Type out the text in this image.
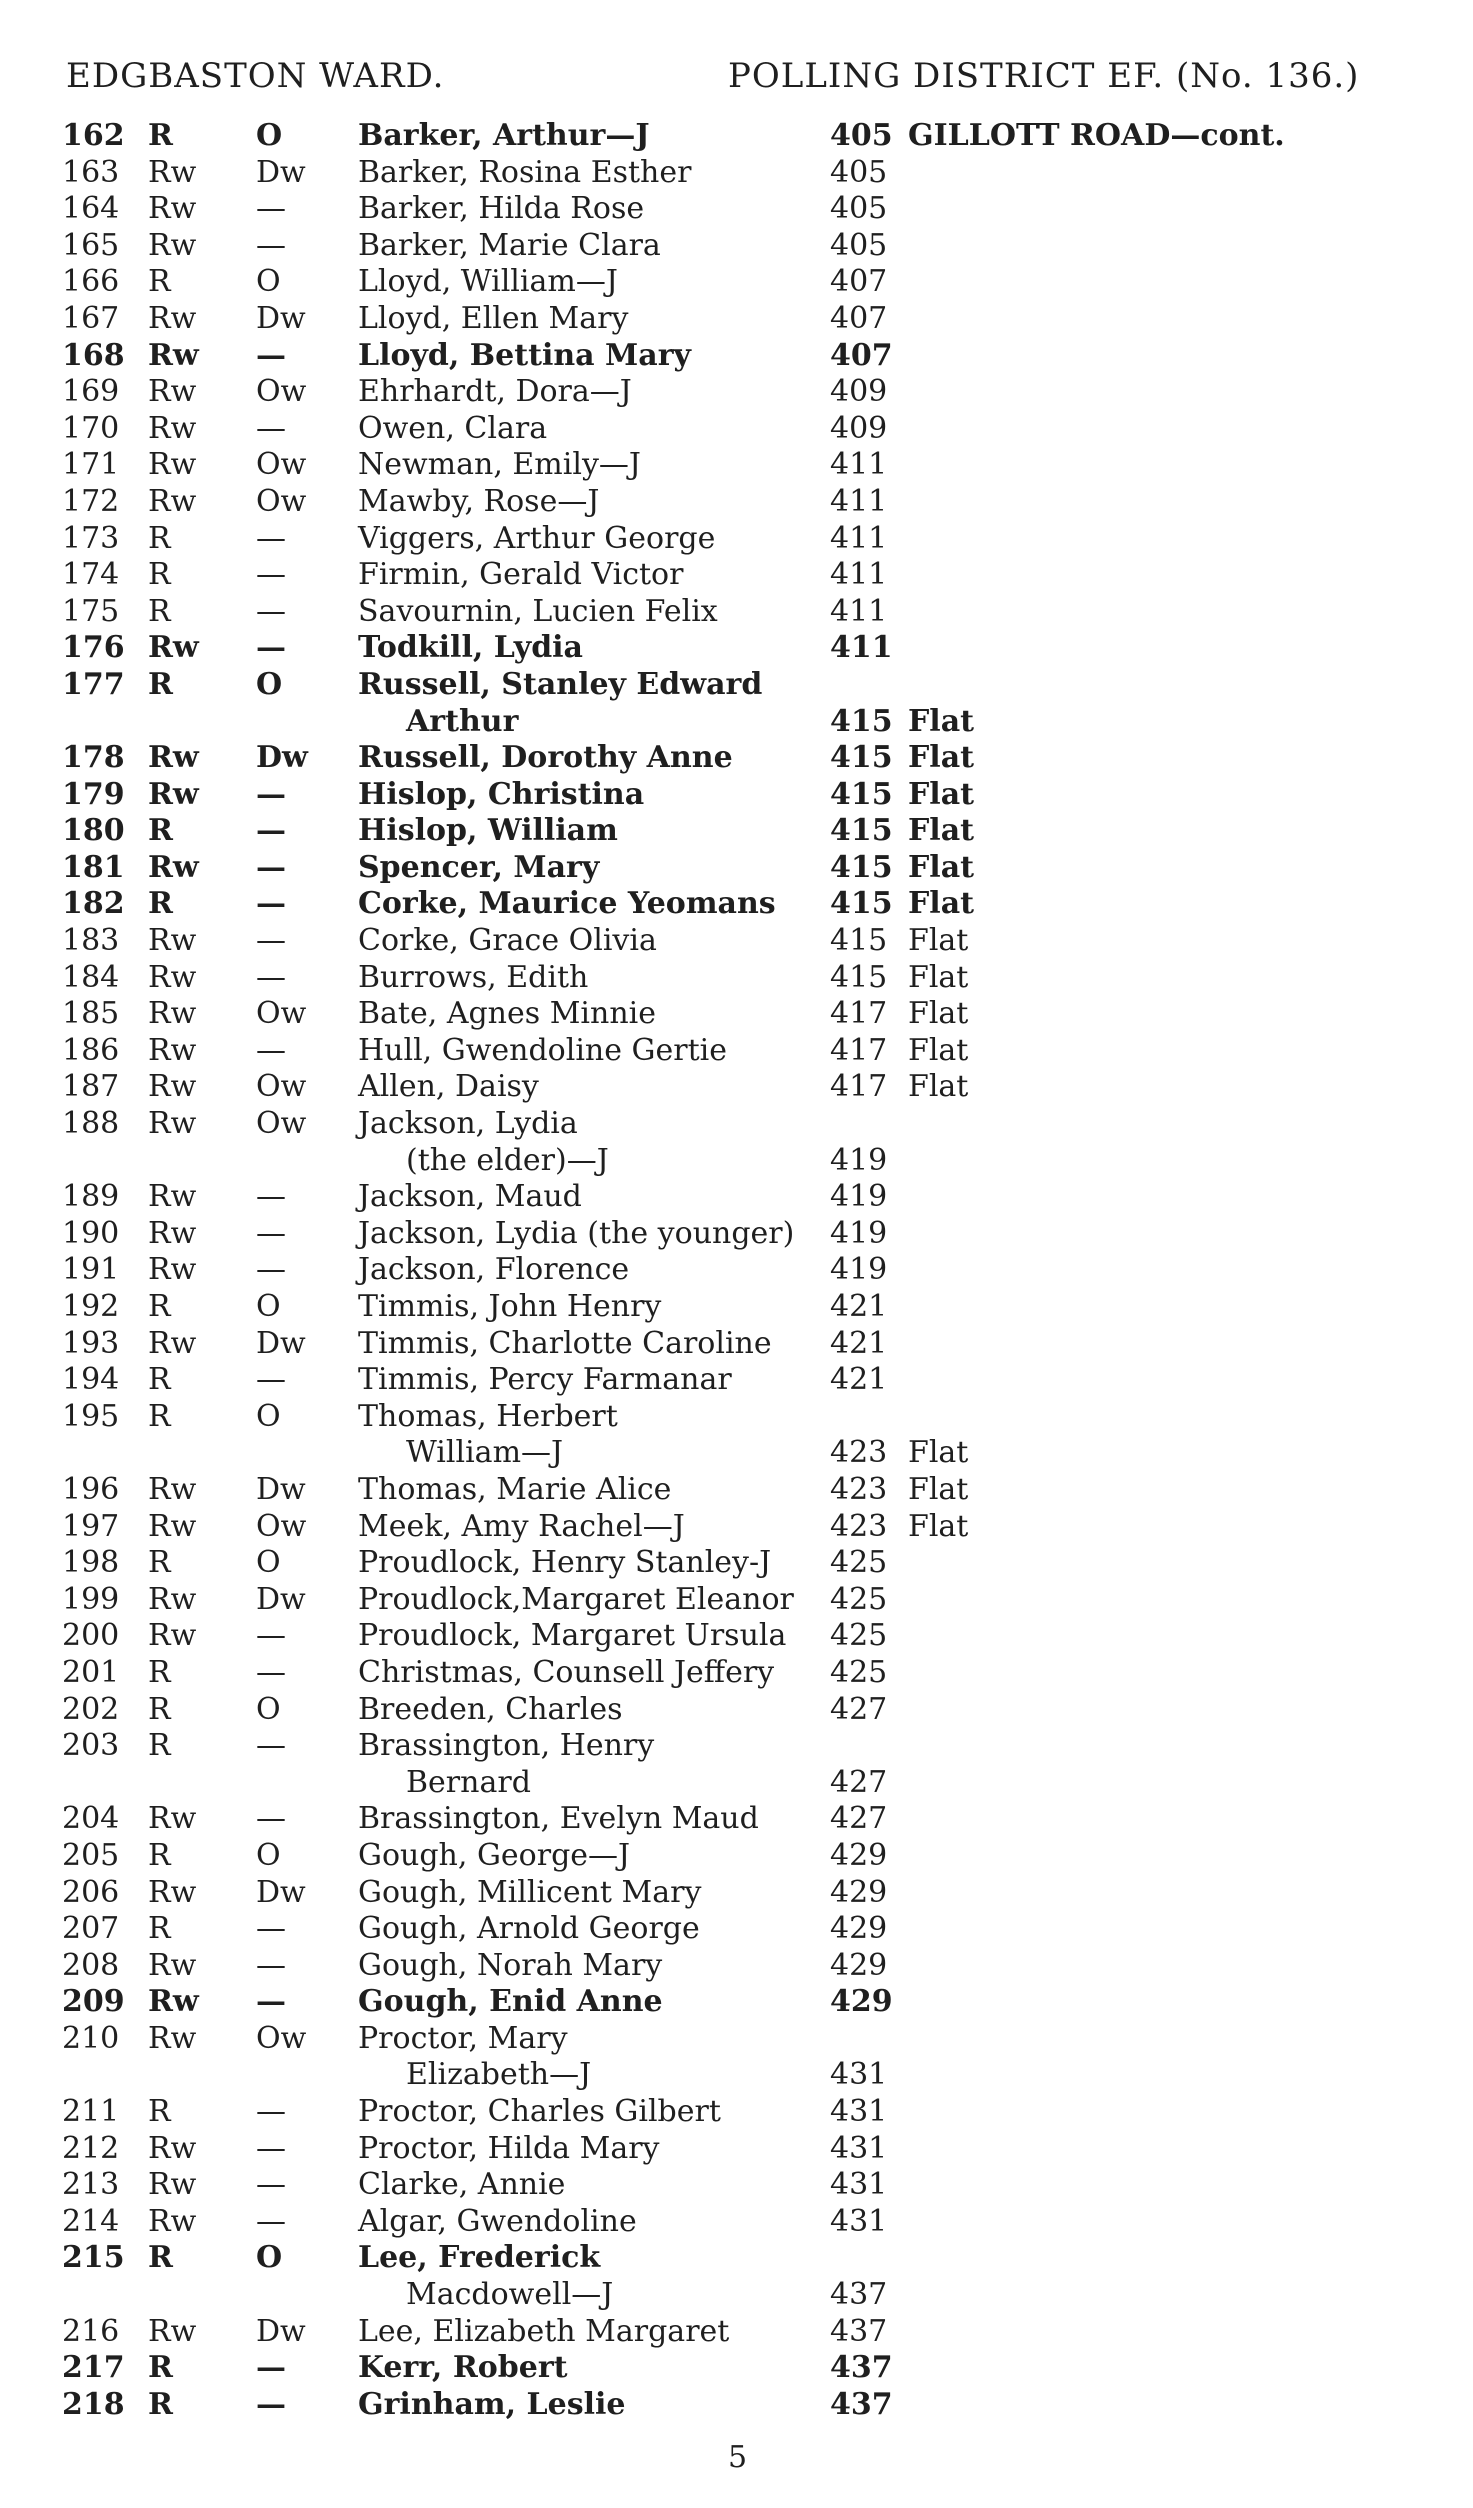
EDGBASTON WARD.	POLLING DISTRICT EF. (No. 136.)
162 R	O	Barker, Arthur—J	405 GILLOTT ROAD—cont.
163 Rw	Dw	Barker, Rosina Esther	405
164 Rw	—	Barker, Hilda Rose	405
165 Rw	—	Barker, Marie Clara	405
166 R	O	Lloyd, William—J	407
167 Rw	Dw	Lloyd, Ellen Mary	407
168 Rw	—	Lloyd, Bettina Mary	407
169 Rw	Ow	Ehrhardt, Dora—J	409
170 Rw	—	Owen, Clara	409
171 Rw	Ow	Newman, Emily—J	411
172 Rw	Ow	Mawby, Rose—J	411
173 R	—	Viggers, Arthur George	411
174 R	—	Firmin, Gerald Victor	411
175 R	—	Savournin, Lucien Felix	411
176 Rw	—	Todkill, Lydia	411
177 R	O	Russell, Stanley Edward
Arthur	415 Flat
178 Rw	Dw	Russell, Dorothy Anne	415 Flat
179 Rw	—	Hislop, Christina	415 Flat
180 R	—	Hislop, William	415 Flat
181 Rw	—	Spencer, Mary	415 Flat
182 R	—	Corke, Maurice Yeomans 415 Flat
183 Rw	—	Corke, Grace Olivia	415 Flat
184 Rw	—	Burrows, Edith	415 Flat
185 Rw	Ow	Bate, Agnes Minnie	417 Flat
186 Rw	—	Hull, Gwendoline Gertie	417 Flat
187 Rw	Ow	Allen, Daisy	417 Flat
188 Rw	Ow	Jackson, Lydia
(the elder)—J	419
189 Rw	—	Jackson, Maud	419
190 Rw	—	Jackson, Lydia (the younger) 419
191 Rw	—	Jackson, Florence	419
192 R	O	Timmis, John Henry	421
193 Rw	Dw	Timmis, Charlotte Caroline 421
194 R	—	Timmis, Percy Farmanar	421
195 R	O	Thomas, Herbert
William—J	423 Flat
196 Rw	Dw	Thomas, Marie Alice	423 Flat
197 Rw	Ow	Meek, Amy Rachel—J	423 Flat
198 R	O	Proudlock, Henry Stanley-J 425
199 Rw	Dw	Proudlock,Margaret Eleanor 425
200 Rw	—	Proudlock, Margaret Ursula 425
201 R	—	Christmas, Counsell Jeffery 425
202 R	O	Breeden, Charles	427
203 R	—	Brassington, Henry
Bernard	427
204 Rw	—	Brassington, Evelyn Maud 427
205 R	O	Gough, George—J	429
206 Rw	Dw	Gough, Millicent Mary	429
207 R	—	Gough, Arnold George	429
208 Rw	—	Gough, Norah Mary	429
209 Rw	—	Gough, Enid Anne	429
210 Rw	Ow	Proctor, Mary
Elizabeth—J	431
211 R	—	Proctor, Charles Gilbert	431
212 Rw	—	Proctor, Hilda Mary	431
213 Rw	—	Clarke, Annie	431
214 Rw	—	Algar, Gwendoline	431
215 R	O	Lee, Frederick
Macdowell—J	437
216 Rw	Dw	Lee, Elizabeth Margaret	437
217 R	—	Kerr, Robert	437
218 R	—	Grinham, Leslie	437
5
